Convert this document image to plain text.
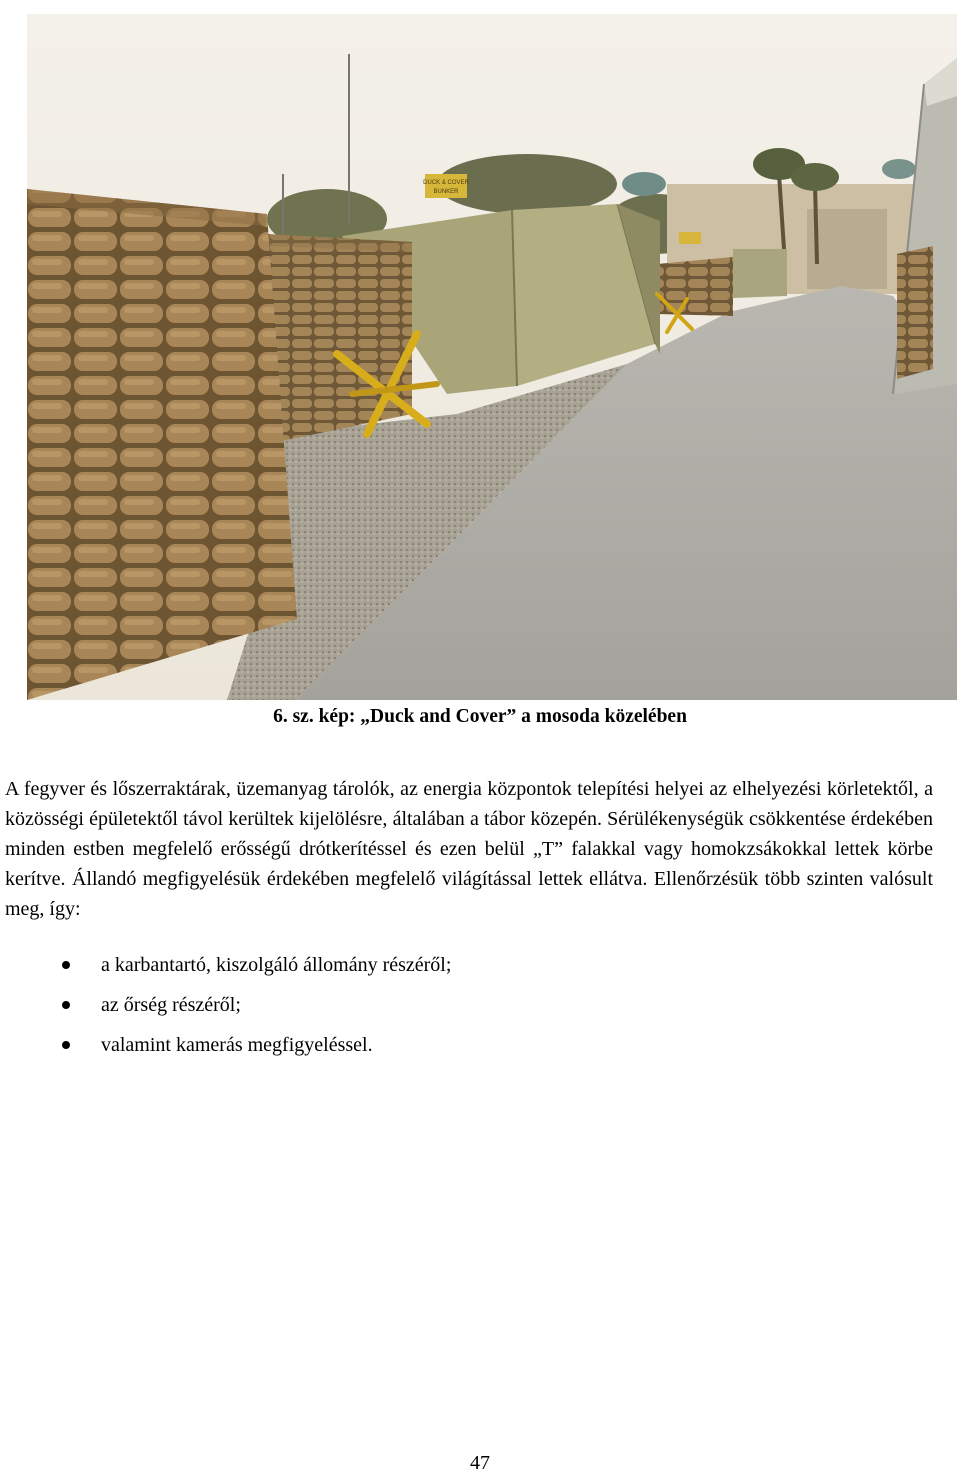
DUCK & COVER
BUNKER
6. sz. kép: „Duck and Cover” a mosoda közelében

A fegyver és lőszerraktárak, üzemanyag tárolók, az energia központok telepítési helyei az elhelyezési körletektől, a közösségi épületektől távol kerültek kijelölésre, általában a tábor közepén. Sérülékenységük csökkentése érdekében minden estben megfelelő erősségű drótkerítéssel és ezen belül „T” falakkal vagy homokzsákokkal lettek körbe kerítve. Állandó megfigyelésük érdekében megfelelő világítással lettek ellátva. Ellenőrzésük több szinten valósult meg, így:

a karbantartó, kiszolgáló állomány részéről;
az őrség részéről;
valamint kamerás megfigyeléssel.
47
